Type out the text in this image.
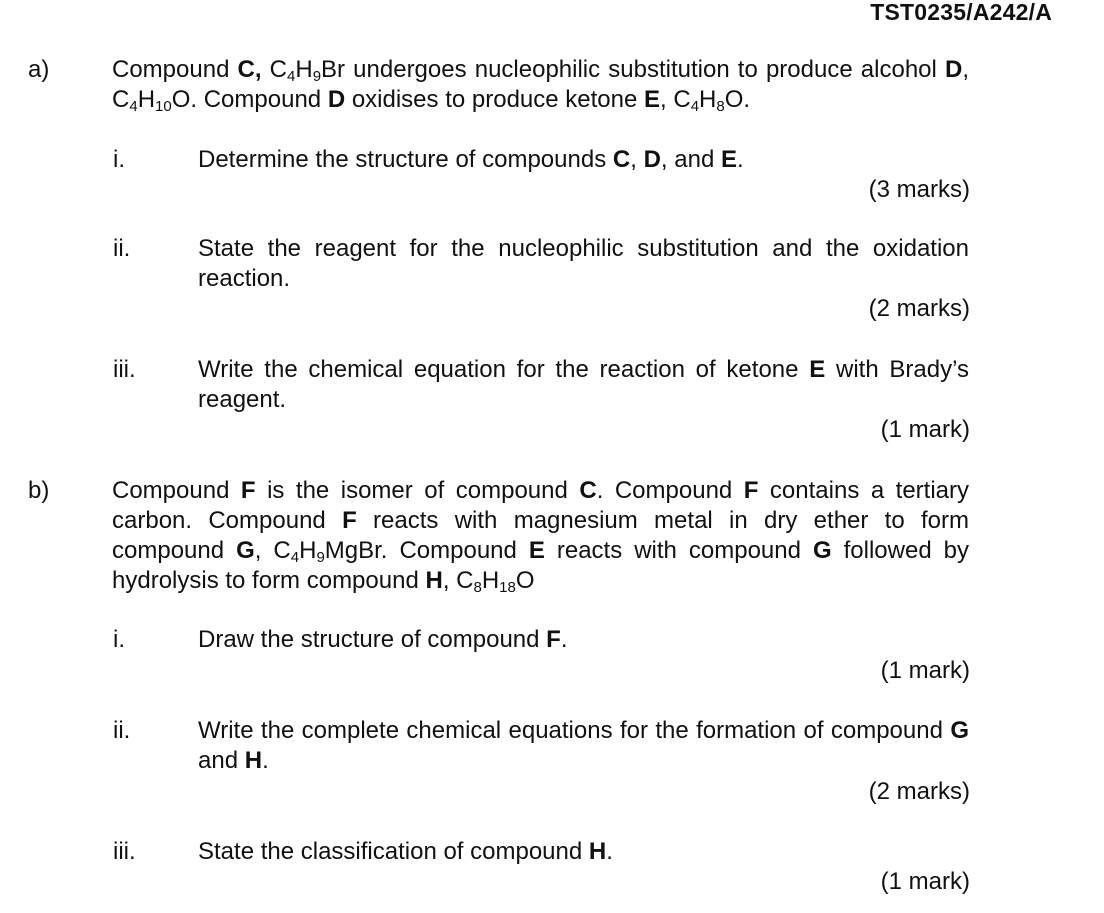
TST0235/A242/A
a)	Compound C, $C_4H_9Br$ undergoes nucleophilic substitution to produce alcohol D, $C_4H_{10}O$. Compound D oxidises to produce ketone E, $C_4H_8O$.
i.	Determine the structure of compounds C, D, and E.
(3 marks)
ii.	State the reagent for the nucleophilic substitution and the oxidation reaction.
(2 marks)
iii.	Write the chemical equation for the reaction of ketone E with Brady’s reagent.
(1 mark)
b)	Compound F is the isomer of compound C. Compound F contains a tertiary carbon. Compound F reacts with magnesium metal in dry ether to form compound G, $C_4H_9MgBr$. Compound E reacts with compound G followed by hydrolysis to form compound H, $C_8H_{18}O$
i.	Draw the structure of compound F.
(1 mark)
ii.	Write the complete chemical equations for the formation of compound G and H.
(2 marks)
iii.	State the classification of compound H.
(1 mark)
